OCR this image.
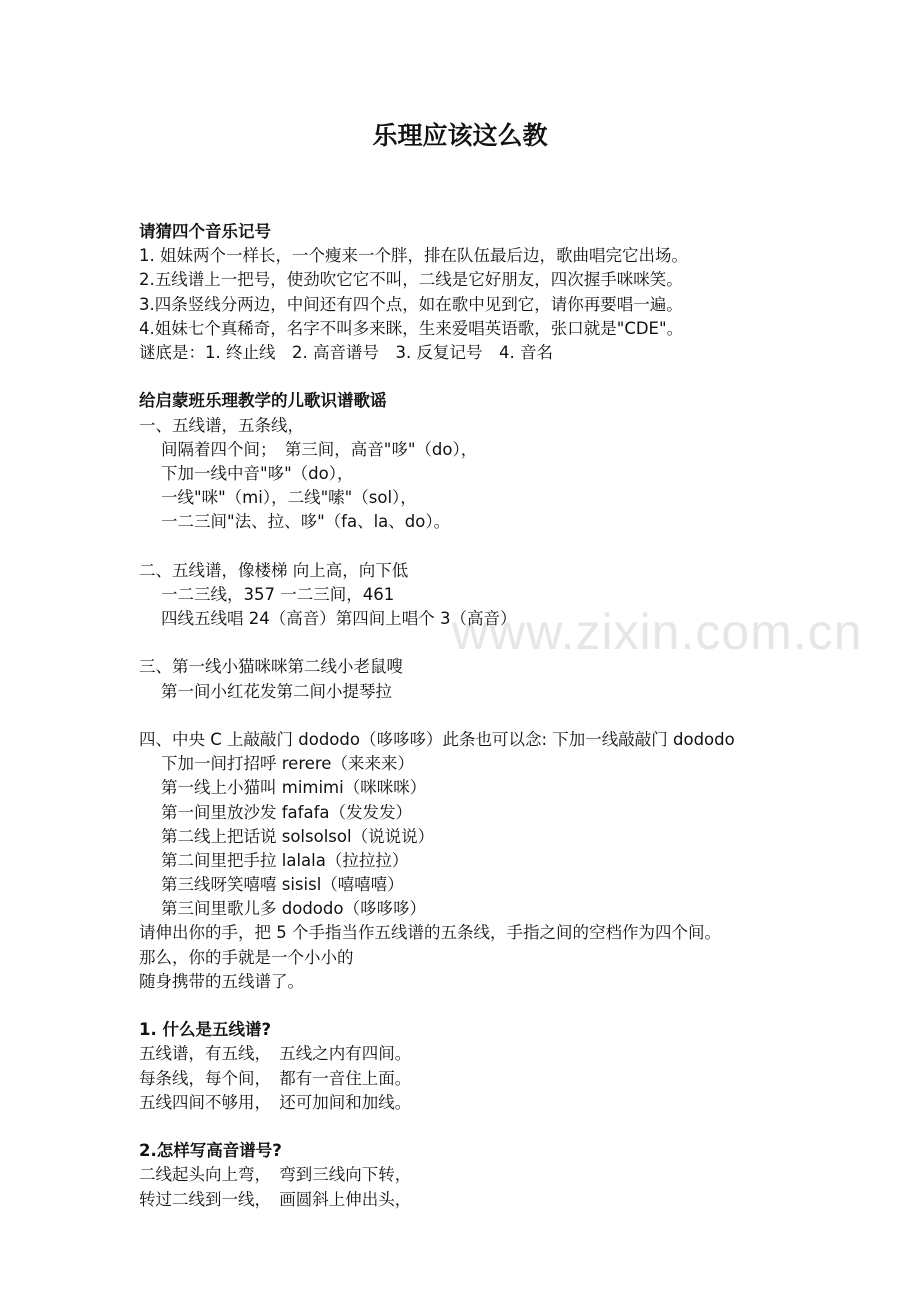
www.zixin.com.cn
乐理应该这么教
请猜四个音乐记号
1. 姐妹两个一样长，一个瘦来一个胖，排在队伍最后边，歌曲唱完它出场。
2.五线谱上一把号，使劲吹它它不叫，二线是它好朋友，四次握手咪咪笑。
3.四条竖线分两边，中间还有四个点，如在歌中见到它，请你再要唱一遍。
4.姐妹七个真稀奇，名字不叫多来眯，生来爱唱英语歌，张口就是"CDE"。
谜底是：1. 终止线　2. 高音谱号　3. 反复记号　4. 音名
给启蒙班乐理教学的儿歌识谱歌谣
一、五线谱，五条线，
间隔着四个间；　第三间，高音"哆"（do），
下加一线中音"哆"（do），
一线"咪"（mi），二线"嗦"（sol），
一二三间"法、拉、哆"（fa、la、do）。
二、五线谱，像楼梯 向上高，向下低
一二三线，357 一二三间，461
四线五线唱 24（高音）第四间上唱个 3（高音）
三、第一线小猫咪咪第二线小老鼠嗖
第一间小红花发第二间小提琴拉
四、中央 C 上敲敲门 dododo（哆哆哆）此条也可以念: 下加一线敲敲门 dododo
下加一间打招呼 rerere（来来来）
第一线上小猫叫 mimimi（咪咪咪）
第一间里放沙发 fafafa（发发发）
第二线上把话说 solsolsol（说说说）
第二间里把手拉 lalala（拉拉拉）
第三线呀笑嘻嘻 sisisl（嘻嘻嘻）
第三间里歌儿多 dododo（哆哆哆）
请伸出你的手，把 5 个手指当作五线谱的五条线，手指之间的空档作为四个间。
那么，你的手就是一个小小的
随身携带的五线谱了。
1. 什么是五线谱?
五线谱，有五线，　五线之内有四间。
每条线，每个间，　都有一音住上面。
五线四间不够用，　还可加间和加线。
2.怎样写高音谱号?
二线起头向上弯，　弯到三线向下转，
转过二线到一线，　画圆斜上伸出头，
